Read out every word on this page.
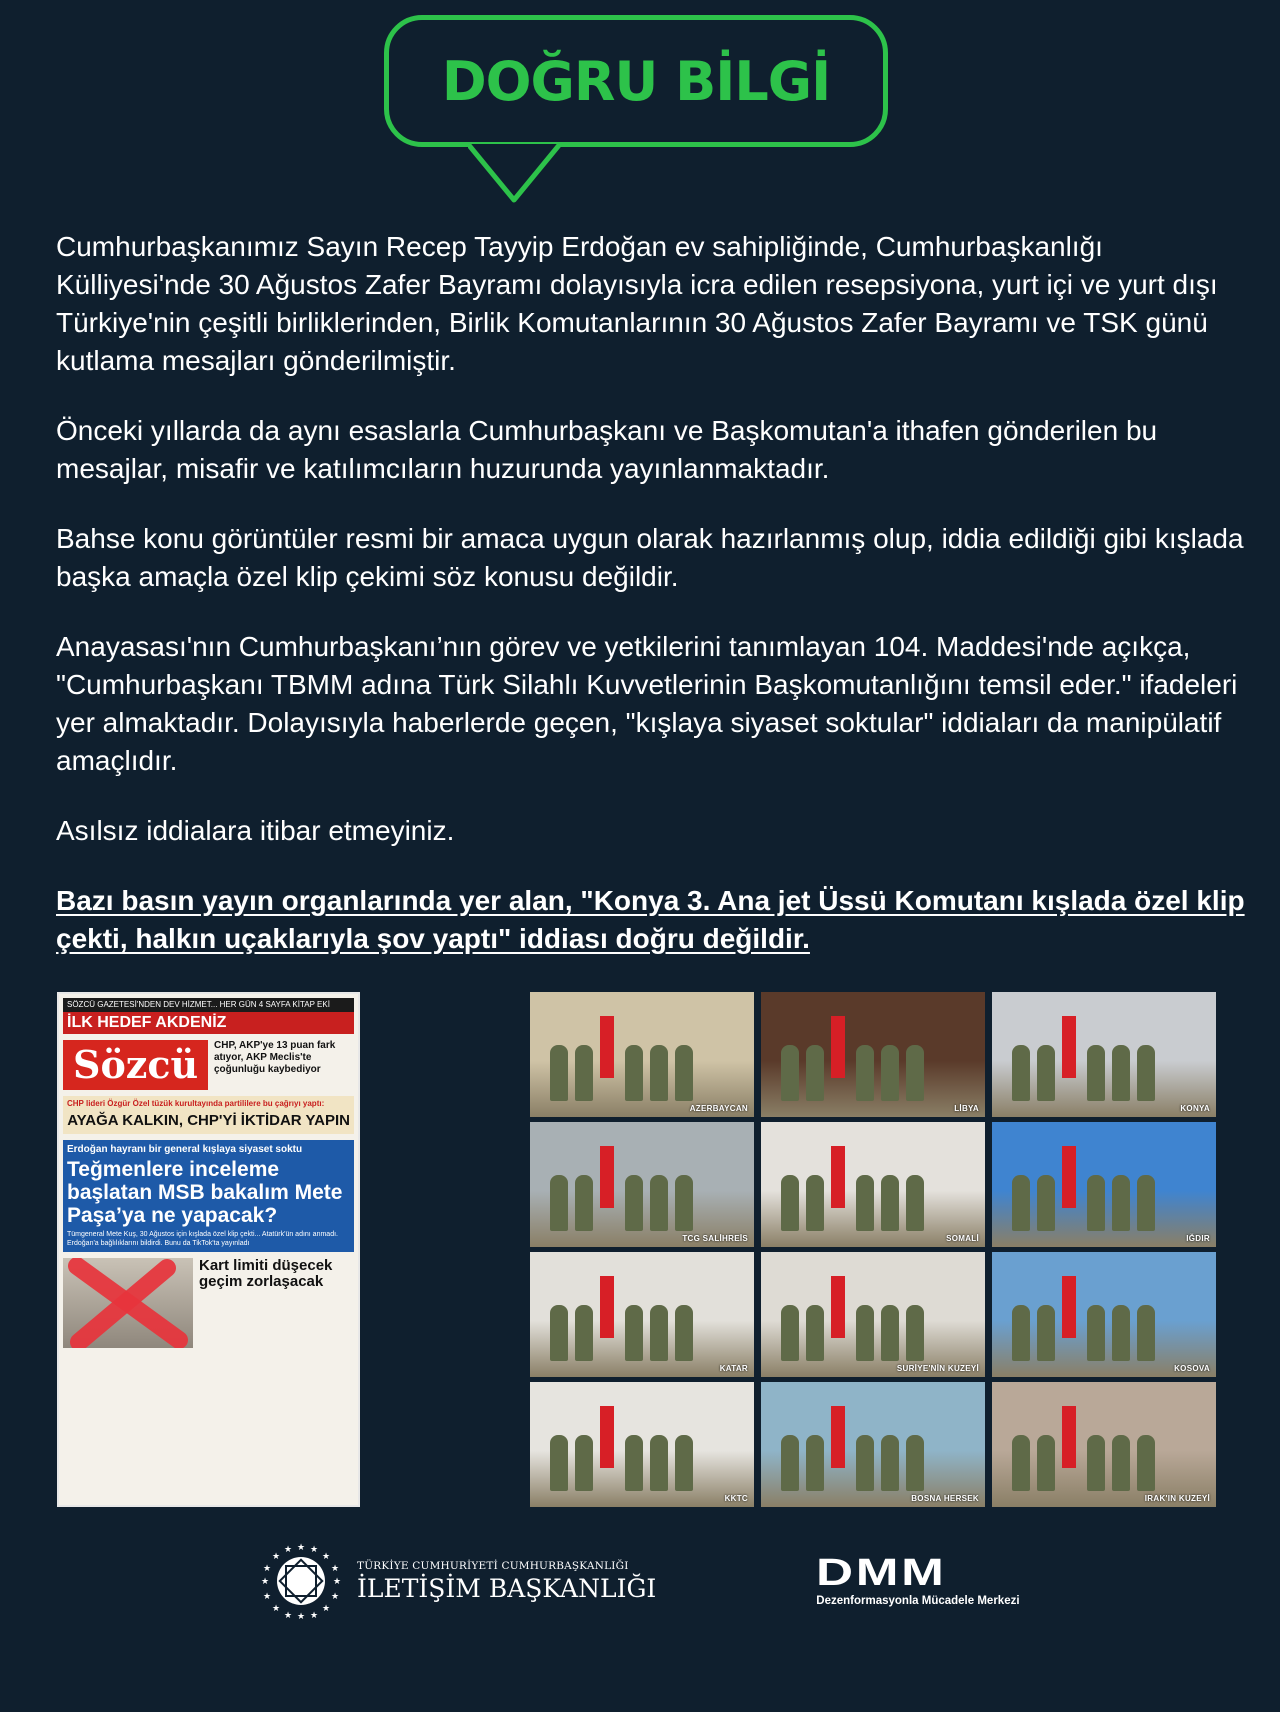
DOĞRU BİLGİ

Cumhurbaşkanımız Sayın Recep Tayyip Erdoğan ev sahipliğinde, Cumhurbaşkanlığı Külliyesi'nde 30 Ağustos Zafer Bayramı dolayısıyla icra edilen resepsiyona, yurt içi ve yurt dışı Türkiye'nin çeşitli birliklerinden, Birlik Komutanlarının 30 Ağustos Zafer Bayramı ve TSK günü kutlama mesajları gönderilmiştir.

Önceki yıllarda da aynı esaslarla Cumhurbaşkanı ve Başkomutan'a ithafen gönderilen bu mesajlar, misafir ve katılımcıların huzurunda yayınlanmaktadır.

Bahse konu görüntüler resmi bir amaca uygun olarak hazırlanmış olup, iddia edildiği gibi kışlada başka amaçla özel klip çekimi söz konusu değildir.

Anayasası'nın Cumhurbaşkanı’nın görev ve yetkilerini tanımlayan 104. Maddesi'nde açıkça, "Cumhurbaşkanı TBMM adına Türk Silahlı Kuvvetlerinin Başkomutanlığını temsil eder." ifadeleri yer almaktadır. Dolayısıyla haberlerde geçen, "kışlaya siyaset soktular" iddiaları da manipülatif amaçlıdır.

Asılsız iddialara itibar etmeyiniz.

Bazı basın yayın organlarında yer alan, "Konya 3. Ana jet Üssü Komutanı kışlada özel klip çekti, halkın uçaklarıyla şov yaptı" iddiası doğru değildir.

SÖZCÜ GAZETESİ'NDEN DEV HİZMET... HER GÜN 4 SAYFA KİTAP EKİ
İLK HEDEF AKDENİZ
Sözcü	CHP, AKP'ye 13 puan fark atıyor, AKP Meclis'te çoğunluğu kaybediyor
CHP lideri Özgür Özel tüzük kurultayında partililere bu çağrıyı yaptı:
AYAĞA KALKIN, CHP'Yİ İKTİDAR YAPIN
Erdoğan hayranı bir general kışlaya siyaset soktu
Teğmenlere inceleme başlatan MSB bakalım Mete Paşa’ya ne yapacak?
Tümgeneral Mete Kuş, 30 Ağustos için kışlada özel klip çekti... Atatürk'ün adını anmadı. Erdoğan'a bağlılıklarını bildirdi. Bunu da TikTok'ta yayınladı
Kart limiti düşecek geçim zorlaşacak
AZERBAYCAN	LİBYA	KONYA
TCG SALİHREİS	SOMALİ	IĞDIR
KATAR	SURİYE'NİN KUZEYİ	KOSOVA
KKTC	BOSNA HERSEK	IRAK'IN KUZEYİ
★
★
★	★
★	★
★	★
★ ★
★ ★
★	★
★	★
TÜRKİYE CUMHURİYETİ CUMHURBAŞKANLIĞI
İLETİŞİM BAŞKANLIĞI	DMM
Dezenformasyonla Mücadele Merkezi
